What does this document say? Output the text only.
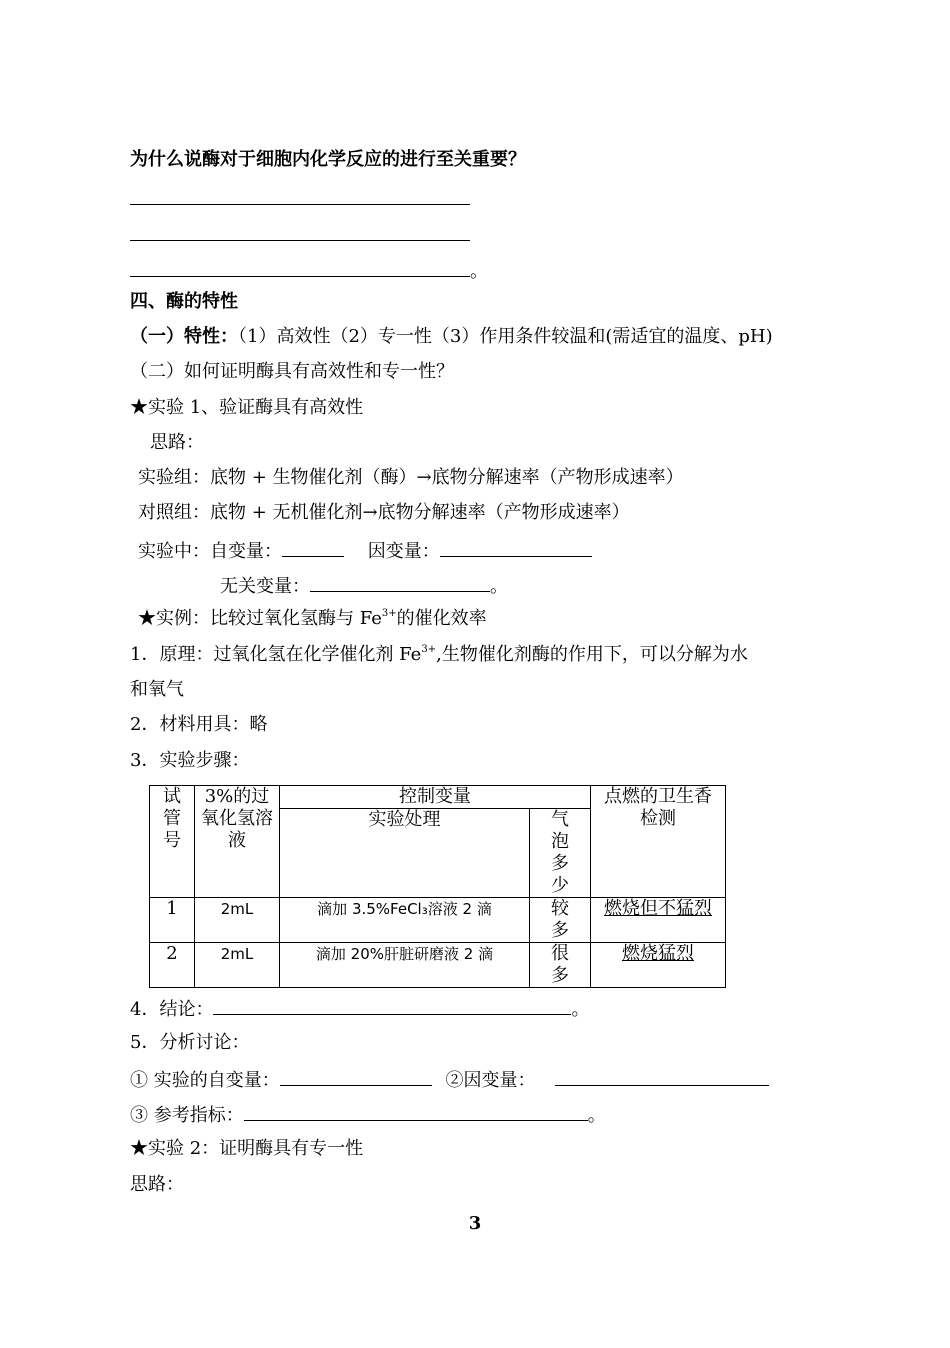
为什么说酶对于细胞内化学反应的进行至关重要？
。
四、酶的特性
（一）特性：（1）高效性（2）专一性（3）作用条件较温和(需适宜的温度、pH)
（二）如何证明酶具有高效性和专一性？
★实验 1、验证酶具有高效性
思路：
实验组：底物 + 生物催化剂（酶）→底物分解速率（产物形成速率）
对照组：底物 + 无机催化剂→底物分解速率（产物形成速率）
实验中：自变量：	因变量：
无关变量：	。
★实例：比较过氧化氢酶与 $Fe^{3+}$的催化效率
1．原理：过氧化氢在化学催化剂 $Fe^{3+}$,生物催化剂酶的作用下，可以分解为水
和氧气
2．材料用具：略
3．实验步骤：
试管号	3%的过氧化氢溶液	控制变量		点燃的卫生香检测
		实验处理	气泡多少	
1	2mL	滴加 3.5%FeCl₃溶液 2 滴	较多	燃烧但不猛烈
2	2mL	滴加 20%肝脏研磨液 2 滴	很多	燃烧猛烈
4．结论：	。
5．分析讨论：
① 实验的自变量：	②因变量：
③ 参考指标：	。
★实验 2：证明酶具有专一性
思路：
3
